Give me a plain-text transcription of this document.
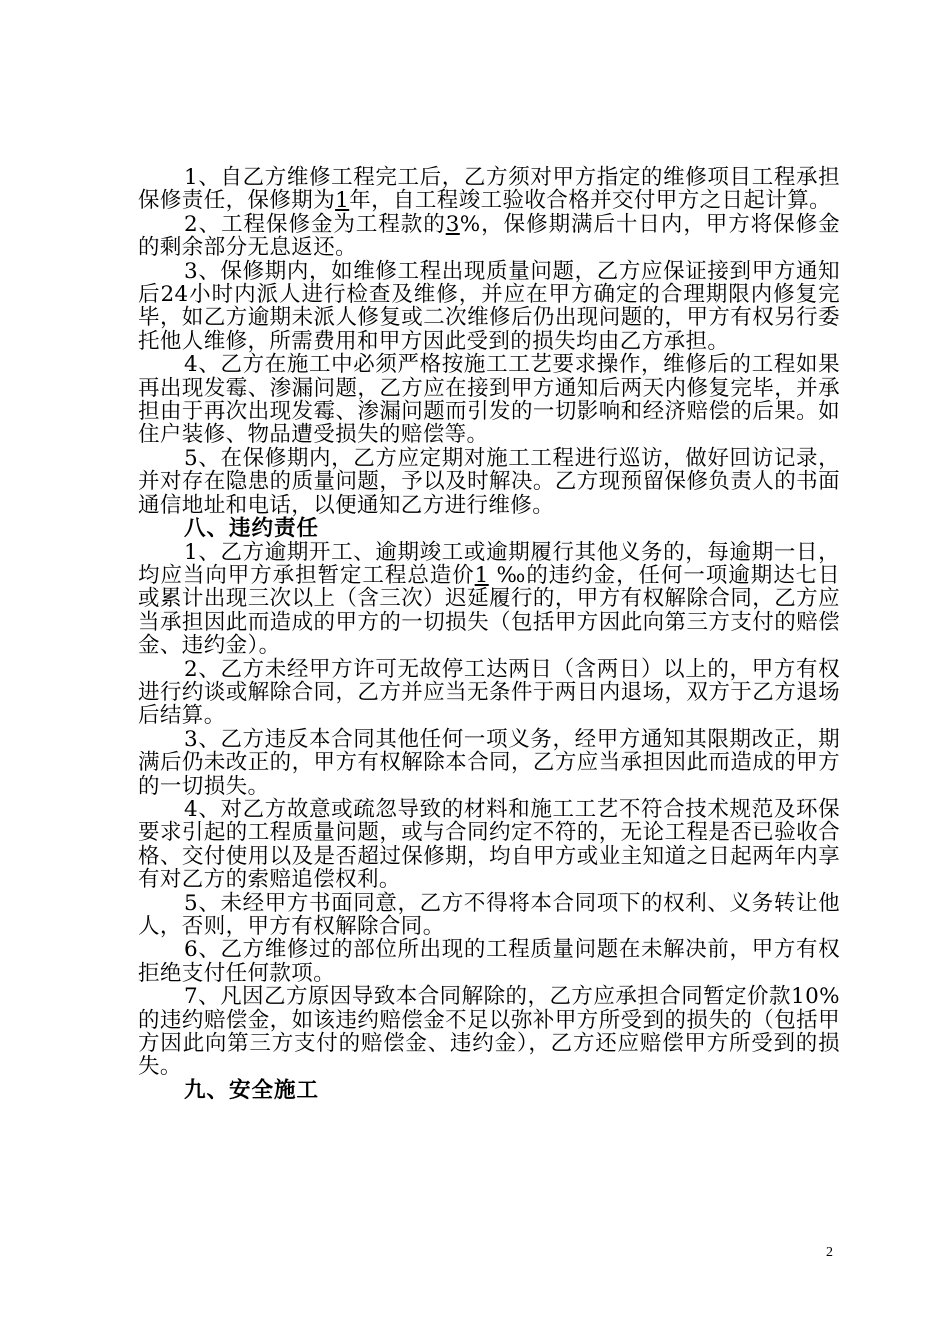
1、自乙方维修工程完工后，乙方须对甲方指定的维修项目工程承担保修责任，保修期为1年，自工程竣工验收合格并交付甲方之日起计算。

2、工程保修金为工程款的3%，保修期满后十日内，甲方将保修金的剩余部分无息返还。

3、保修期内，如维修工程出现质量问题，乙方应保证接到甲方通知后24小时内派人进行检查及维修，并应在甲方确定的合理期限内修复完毕，如乙方逾期未派人修复或二次维修后仍出现问题的，甲方有权另行委托他人维修，所需费用和甲方因此受到的损失均由乙方承担。

4、乙方在施工中必须严格按施工工艺要求操作，维修后的工程如果再出现发霉、渗漏问题，乙方应在接到甲方通知后两天内修复完毕，并承担由于再次出现发霉、渗漏问题而引发的一切影响和经济赔偿的后果。如住户装修、物品遭受损失的赔偿等。

5、在保修期内，乙方应定期对施工工程进行巡访，做好回访记录，并对存在隐患的质量问题，予以及时解决。乙方现预留保修负责人的书面通信地址和电话，以便通知乙方进行维修。

八、违约责任

1、乙方逾期开工、逾期竣工或逾期履行其他义务的，每逾期一日，均应当向甲方承担暂定工程总造价1 ‰的违约金，任何一项逾期达七日或累计出现三次以上（含三次）迟延履行的，甲方有权解除合同，乙方应当承担因此而造成的甲方的一切损失（包括甲方因此向第三方支付的赔偿金、违约金）。

2、乙方未经甲方许可无故停工达两日（含两日）以上的，甲方有权进行约谈或解除合同，乙方并应当无条件于两日内退场，双方于乙方退场后结算。

3、乙方违反本合同其他任何一项义务，经甲方通知其限期改正，期满后仍未改正的，甲方有权解除本合同，乙方应当承担因此而造成的甲方的一切损失。

4、对乙方故意或疏忽导致的材料和施工工艺不符合技术规范及环保要求引起的工程质量问题，或与合同约定不符的，无论工程是否已验收合格、交付使用以及是否超过保修期，均自甲方或业主知道之日起两年内享有对乙方的索赔追偿权利。

5、未经甲方书面同意，乙方不得将本合同项下的权利、义务转让他人，否则，甲方有权解除合同。

6、乙方维修过的部位所出现的工程质量问题在未解决前，甲方有权拒绝支付任何款项。

7、凡因乙方原因导致本合同解除的，乙方应承担合同暂定价款10%的违约赔偿金，如该违约赔偿金不足以弥补甲方所受到的损失的（包括甲方因此向第三方支付的赔偿金、违约金），乙方还应赔偿甲方所受到的损失。

九、安全施工

2
